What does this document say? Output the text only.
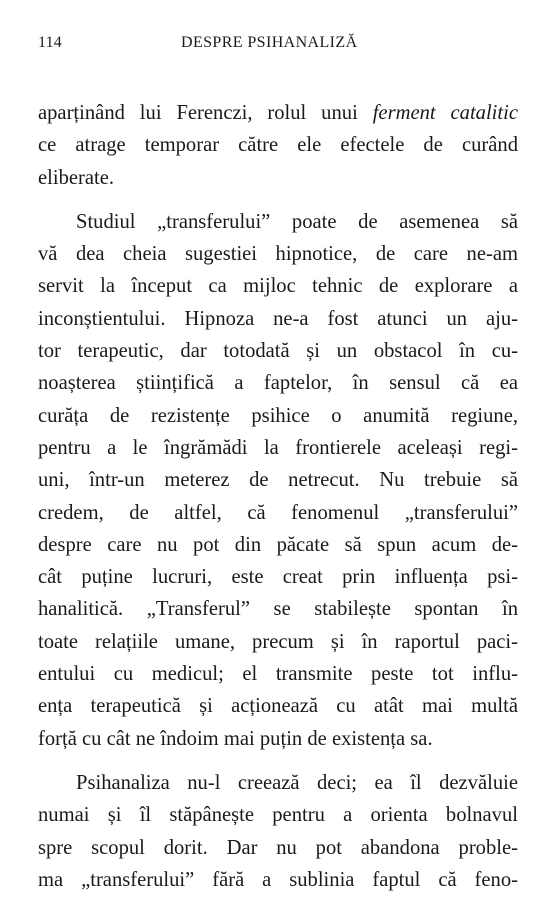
114	DESPRE PSIHANALIZĂ
aparținând lui Ferenczi, rolul unui ferment catalitic
ce atrage temporar către ele efectele de curând
eliberate.
Studiul „transferului” poate de asemenea să
vă dea cheia sugestiei hipnotice, de care ne-am
servit la început ca mijloc tehnic de explorare a
inconștientului. Hipnoza ne-a fost atunci un aju-
tor terapeutic, dar totodată și un obstacol în cu-
noașterea științifică a faptelor, în sensul că ea
curăța de rezistențe psihice o anumită regiune,
pentru a le îngrămădi la frontierele aceleași regi-
uni, într-un meterez de netrecut. Nu trebuie să
credem, de altfel, că fenomenul „transferului”
despre care nu pot din păcate să spun acum de-
cât puține lucruri, este creat prin influența psi-
hanalitică. „Transferul” se stabilește spontan în
toate relațiile umane, precum și în raportul paci-
entului cu medicul; el transmite peste tot influ-
ența terapeutică și acționează cu atât mai multă
forță cu cât ne îndoim mai puțin de existența sa.
Psihanaliza nu-l creează deci; ea îl dezvăluie
numai și îl stăpânește pentru a orienta bolnavul
spre scopul dorit. Dar nu pot abandona proble-
ma „transferului” fără a sublinia faptul că feno-
